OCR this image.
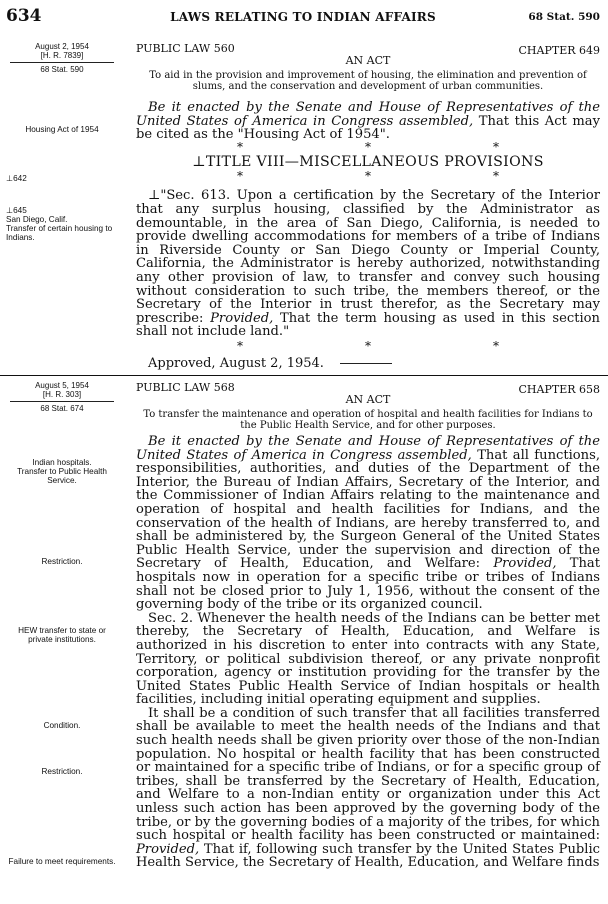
634	LAWS RELATING TO INDIAN AFFAIRS	68 Stat. 590
August 2, 1954
[H. R. 7839]
68 Stat. 590
Housing Act of 1954
⊥642
⊥645
San Diego, Calif.
Transfer of certain housing to Indians.
PUBLIC LAW 560
AN ACT
CHAPTER 649
To aid in the provision and improvement of housing, the elimination and prevention of slums, and the conservation and development of urban communities.

Be it enacted by the Senate and House of Representatives of the United States of America in Congress assembled, That this Act may be cited as the "Housing Act of 1954".

*	*	*
⊥TITLE VIII—MISCELLANEOUS PROVISIONS
*	*	*

⊥"Sec. 613. Upon a certification by the Secretary of the Interior that any surplus housing, classified by the Administrator as demountable, in the area of San Diego, California, is needed to provide dwelling accommodations for members of a tribe of Indians in Riverside County or San Diego County or Imperial County, California, the Administrator is hereby authorized, notwithstanding any other provision of law, to transfer and convey such housing without consideration to such tribe, the members thereof, or the Secretary of the Interior in trust therefor, as the Secretary may prescribe: Provided, That the term housing as used in this section shall not include land."

*	*	*
Approved, August 2, 1954.
August 5, 1954
[H. R. 303]
68 Stat. 674
Indian hospitals.
Transfer to Public Health Service.
Restriction.
HEW transfer to state or private institutions.
Condition.
Restriction.
Failure to meet requirements.
PUBLIC LAW 568
AN ACT
CHAPTER 658
To transfer the maintenance and operation of hospital and health facilities for Indians to the Public Health Service, and for other purposes.

Be it enacted by the Senate and House of Representatives of the United States of America in Congress assembled, That all functions, responsibilities, authorities, and duties of the Department of the Interior, the Bureau of Indian Affairs, Secretary of the Interior, and the Commissioner of Indian Affairs relating to the maintenance and operation of hospital and health facilities for Indians, and the conservation of the health of Indians, are hereby transferred to, and shall be administered by, the Surgeon General of the United States Public Health Service, under the supervision and direction of the Secretary of Health, Education, and Welfare: Provided, That hospitals now in operation for a specific tribe or tribes of Indians shall not be closed prior to July 1, 1956, without the consent of the governing body of the tribe or its organized council.

Sec. 2. Whenever the health needs of the Indians can be better met thereby, the Secretary of Health, Education, and Welfare is authorized in his discretion to enter into contracts with any State, Territory, or political subdivision thereof, or any private nonprofit corporation, agency or institution providing for the transfer by the United States Public Health Service of Indian hospitals or health facilities, including initial operating equipment and supplies.

It shall be a condition of such transfer that all facilities transferred shall be available to meet the health needs of the Indians and that such health needs shall be given priority over those of the non-Indian population. No hospital or health facility that has been constructed or maintained for a specific tribe of Indians, or for a specific group of tribes, shall be transferred by the Secretary of Health, Education, and Welfare to a non-Indian entity or organization under this Act unless such action has been approved by the governing body of the tribe, or by the governing bodies of a majority of the tribes, for which such hospital or health facility has been constructed or maintained: Provided, That if, following such transfer by the United States Public Health Service, the Secretary of Health, Education, and Welfare finds
